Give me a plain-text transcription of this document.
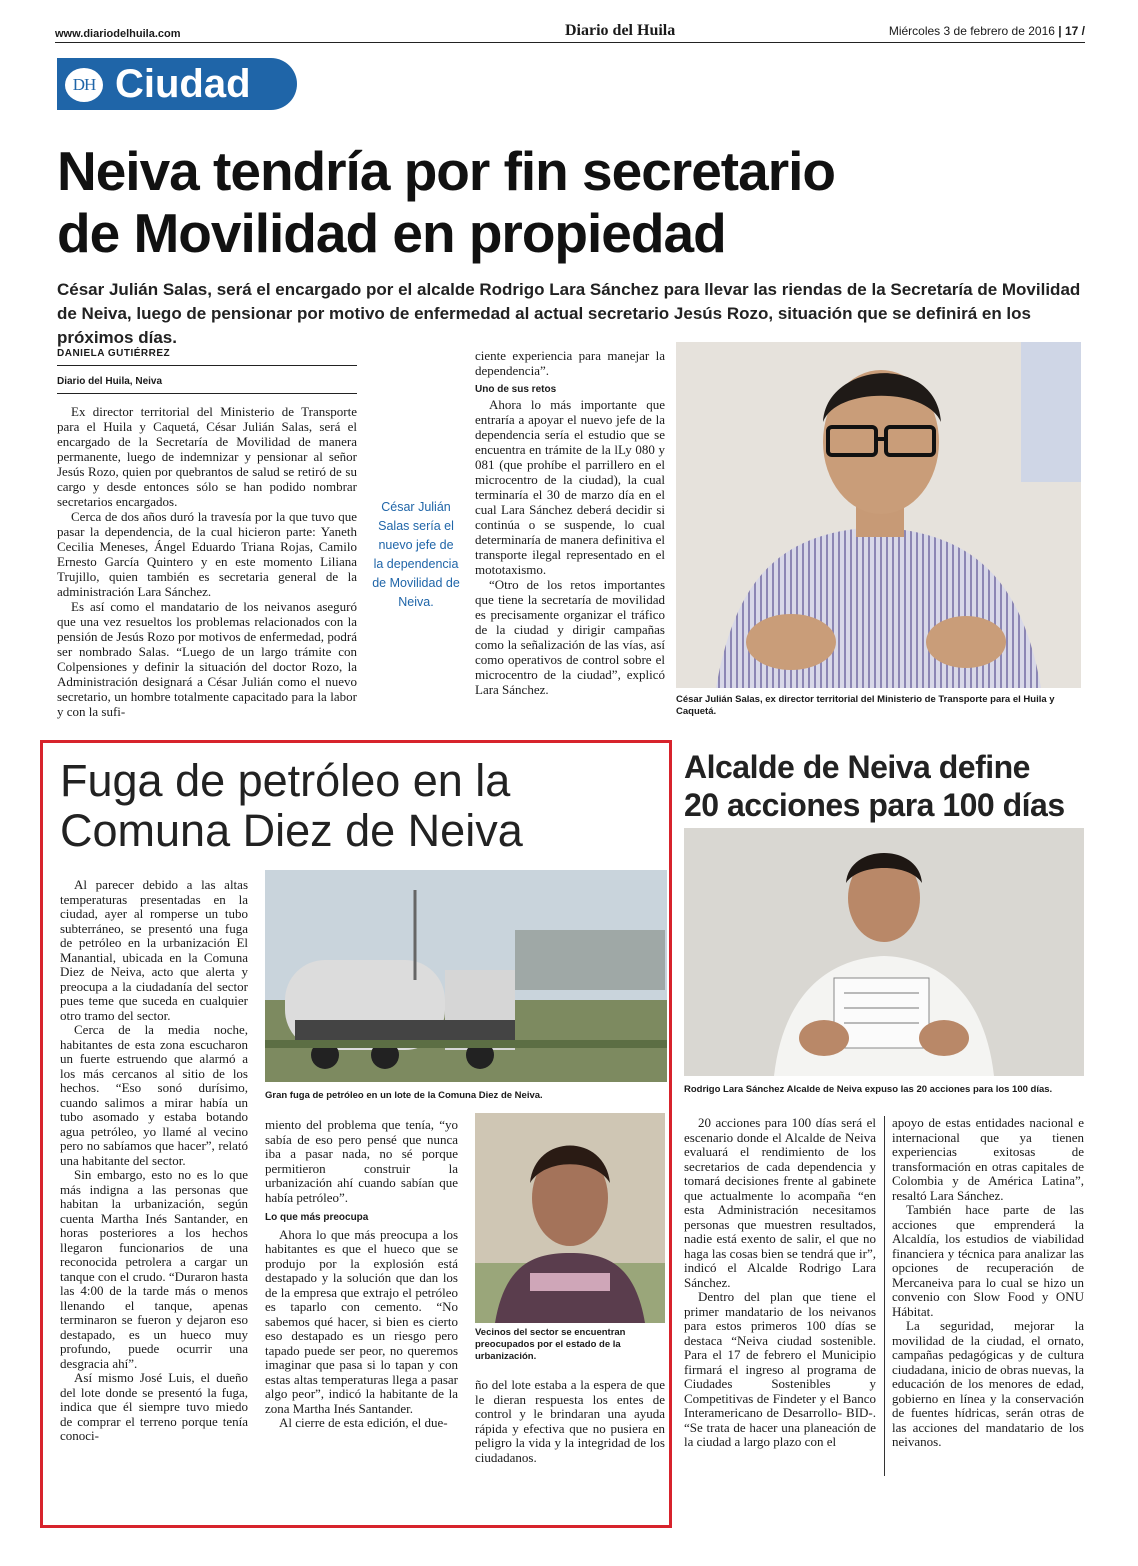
www.diariodelhuila.com	Diario del Huila	Miércoles 3 de febrero de 2016 | 17 /
DH Ciudad
Neiva tendría por fin secretario
de Movilidad en propiedad
César Julián Salas, será el encargado por el alcalde Rodrigo Lara Sánchez para llevar las riendas de la Secretaría de Movilidad de Neiva, luego de pensionar por motivo de enfermedad al actual secretario Jesús Rozo, situación que se definirá en los próximos días.
DANIELA GUTIÉRREZ
Diario del Huila, Neiva

Ex director territorial del Ministerio de Transporte para el Huila y Caquetá, César Julián Salas, será el encargado de la Secretaría de Movilidad de manera permanente, luego de indemnizar y pensionar al señor Jesús Rozo, quien por quebrantos de salud se retiró de su cargo y desde entonces sólo se han podido nombrar secretarios encargados.

Cerca de dos años duró la travesía por la que tuvo que pasar la dependencia, de la cual hicieron parte: Yaneth Cecilia Meneses, Ángel Eduardo Triana Rojas, Camilo Ernesto García Quintero y en este momento Liliana Trujillo, quien también es secretaria general de la administración Lara Sánchez.

Es así como el mandatario de los neivanos aseguró que una vez resueltos los problemas relacionados con la pensión de Jesús Rozo por motivos de enfermedad, podrá ser nombrado Salas. “Luego de un largo trámite con Colpensiones y definir la situación del doctor Rozo, la Administración designará a César Julián como el nuevo secretario, un hombre totalmente capacitado para la labor y con la sufi-

César Julián Salas sería el nuevo jefe de la dependencia de Movilidad de Neiva.

ciente experiencia para manejar la dependencia”.

Uno de sus retos

Ahora lo más importante que entraría a apoyar el nuevo jefe de la dependencia sería el estudio que se encuentra en trámite de la lLy 080 y 081 (que prohíbe el parrillero en el microcentro de la ciudad), la cual terminaría el 30 de marzo día en el cual Lara Sánchez deberá decidir si continúa o se suspende, lo cual determinaría de manera definitiva el transporte ilegal representado en el mototaxismo.

“Otro de los retos importantes que tiene la secretaría de movilidad es precisamente organizar el tráfico de la ciudad y dirigir campañas como la señalización de las vías, así como operativos de control sobre el microcentro de la ciudad”, explicó Lara Sánchez.

César Julián Salas, ex director territorial del Ministerio de Transporte para el Huila y Caquetá.
Fuga de petróleo en la
Comuna Diez de Neiva

Al parecer debido a las altas temperaturas presentadas en la ciudad, ayer al romperse un tubo subterráneo, se presentó una fuga de petróleo en la urbanización El Manantial, ubicada en la Comuna Diez de Neiva, acto que alerta y preocupa a la ciudadanía del sector pues teme que suceda en cualquier otro tramo del sector.

Cerca de la media noche, habitantes de esta zona escucharon un fuerte estruendo que alarmó a los más cercanos al sitio de los hechos. “Eso sonó durísimo, cuando salimos a mirar había un tubo asomado y estaba botando agua petróleo, yo llamé al vecino pero no sabíamos que hacer”, relató una habitante del sector.

Sin embargo, esto no es lo que más indigna a las personas que habitan la urbanización, según cuenta Martha Inés Santander, en horas posteriores a los hechos llegaron funcionarios de una reconocida petrolera a cargar un tanque con el crudo. “Duraron hasta las 4:00 de la tarde más o menos llenando el tanque, apenas terminaron se fueron y dejaron eso destapado, es un hueco muy profundo, puede ocurrir una desgracia ahí”.

Así mismo José Luis, el dueño del lote donde se presentó la fuga, indica que él siempre tuvo miedo de comprar el terreno porque tenía conoci-

Gran fuga de petróleo en un lote de la Comuna Diez de Neiva.

miento del problema que tenía, “yo sabía de eso pero pensé que nunca iba a pasar nada, no sé porque permitieron construir la urbanización ahí cuando sabían que había petróleo”.

Lo que más preocupa

Ahora lo que más preocupa a los habitantes es que el hueco que se produjo por la explosión está destapado y la solución que dan los de la empresa que extrajo el petróleo es taparlo con cemento. “No sabemos qué hacer, si bien es cierto eso destapado es un riesgo pero tapado puede ser peor, no queremos imaginar que pasa si lo tapan y con estas altas temperaturas llega a pasar algo peor”, indicó la habitante de la zona Martha Inés Santander.

Al cierre de esta edición, el due-

Vecinos del sector se encuentran preocupados por el estado de la urbanización.

ño del lote estaba a la espera de que le dieran respuesta los entes de control y le brindaran una ayuda rápida y efectiva que no pusiera en peligro la vida y la integridad de los ciudadanos.

Alcalde de Neiva define
20 acciones para 100 días
Rodrigo Lara Sánchez Alcalde de Neiva expuso las 20 acciones para los 100 días.

20 acciones para 100 días será el escenario donde el Alcalde de Neiva evaluará el rendimiento de los secretarios de cada dependencia y tomará decisiones frente al gabinete que actualmente lo acompaña “en esta Administración necesitamos personas que muestren resultados, nadie está exento de salir, el que no haga las cosas bien se tendrá que ir”, indicó el Alcalde Rodrigo Lara Sánchez.

Dentro del plan que tiene el primer mandatario de los neivanos para estos primeros 100 días se destaca “Neiva ciudad sostenible. Para el 17 de febrero el Municipio firmará el ingreso al programa de Ciudades Sostenibles y Competitivas de Findeter y el Banco Interamericano de Desarrollo- BID-. “Se trata de hacer una planeación de la ciudad a largo plazo con el

apoyo de estas entidades nacional e internacional que ya tienen experiencias exitosas de transformación en otras capitales de Colombia y de América Latina”, resaltó Lara Sánchez.

También hace parte de las acciones que emprenderá la Alcaldía, los estudios de viabilidad financiera y técnica para analizar las opciones de recuperación de Mercaneiva para lo cual se hizo un convenio con Slow Food y ONU Hábitat.

La seguridad, mejorar la movilidad de la ciudad, el ornato, campañas pedagógicas y de cultura ciudadana, inicio de obras nuevas, la educación de los menores de edad, gobierno en línea y la conservación de fuentes hídricas, serán otras de las acciones del mandatario de los neivanos.
